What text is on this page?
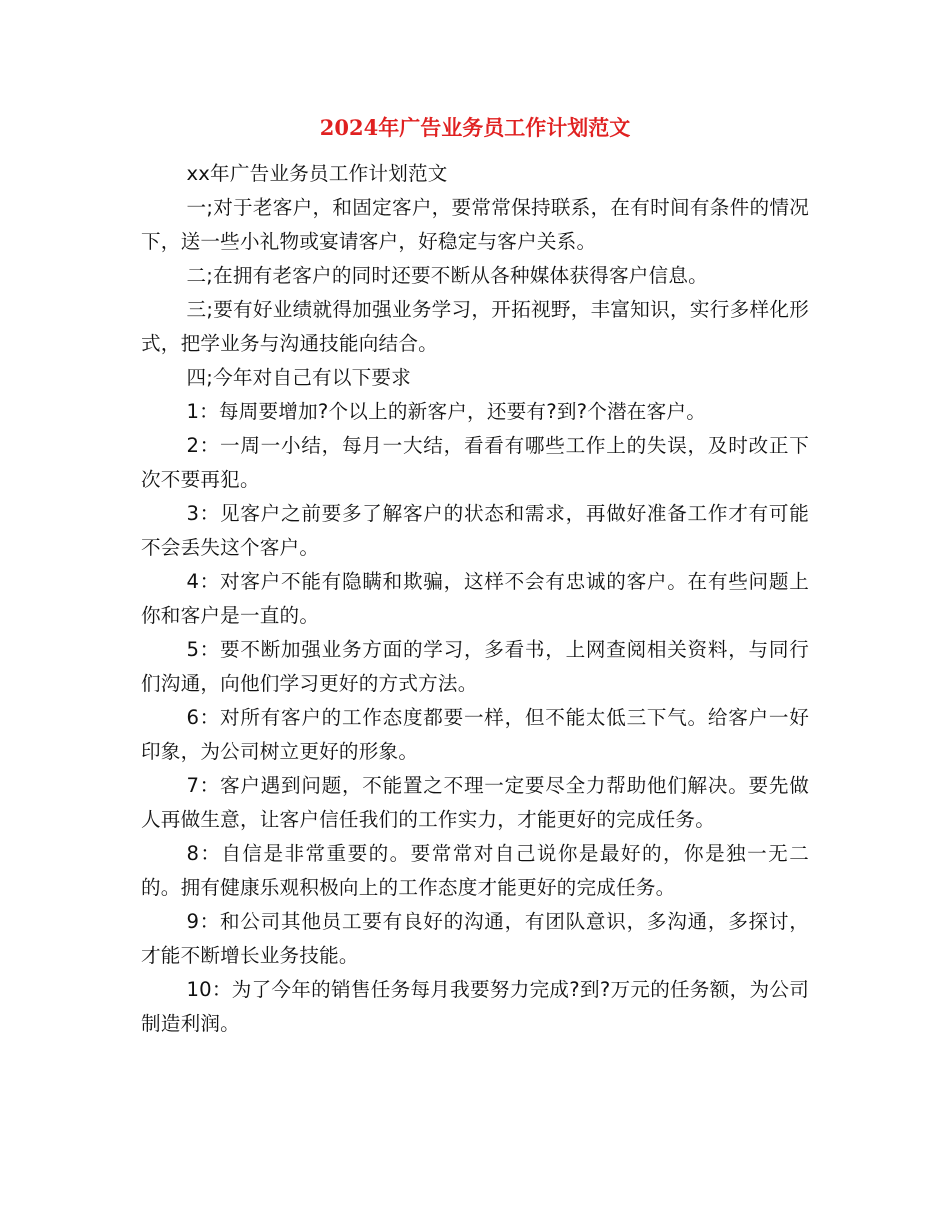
2024年广告业务员工作计划范文

xx年广告业务员工作计划范文

一;对于老客户，和固定客户，要常常保持联系，在有时间有条件的情况下，送一些小礼物或宴请客户，好稳定与客户关系。

二;在拥有老客户的同时还要不断从各种媒体获得客户信息。

三;要有好业绩就得加强业务学习，开拓视野，丰富知识，实行多样化形式，把学业务与沟通技能向结合。

四;今年对自己有以下要求

1：每周要增加?个以上的新客户，还要有?到?个潜在客户。

2：一周一小结，每月一大结，看看有哪些工作上的失误，及时改正下次不要再犯。

3：见客户之前要多了解客户的状态和需求，再做好准备工作才有可能不会丢失这个客户。

4：对客户不能有隐瞒和欺骗，这样不会有忠诚的客户。在有些问题上你和客户是一直的。

5：要不断加强业务方面的学习，多看书，上网查阅相关资料，与同行们沟通，向他们学习更好的方式方法。

6：对所有客户的工作态度都要一样，但不能太低三下气。给客户一好印象，为公司树立更好的形象。

7：客户遇到问题，不能置之不理一定要尽全力帮助他们解决。要先做人再做生意，让客户信任我们的工作实力，才能更好的完成任务。

8：自信是非常重要的。要常常对自己说你是最好的，你是独一无二的。拥有健康乐观积极向上的工作态度才能更好的完成任务。

9：和公司其他员工要有良好的沟通，有团队意识，多沟通，多探讨，才能不断增长业务技能。

10：为了今年的销售任务每月我要努力完成?到?万元的任务额，为公司制造利润。
